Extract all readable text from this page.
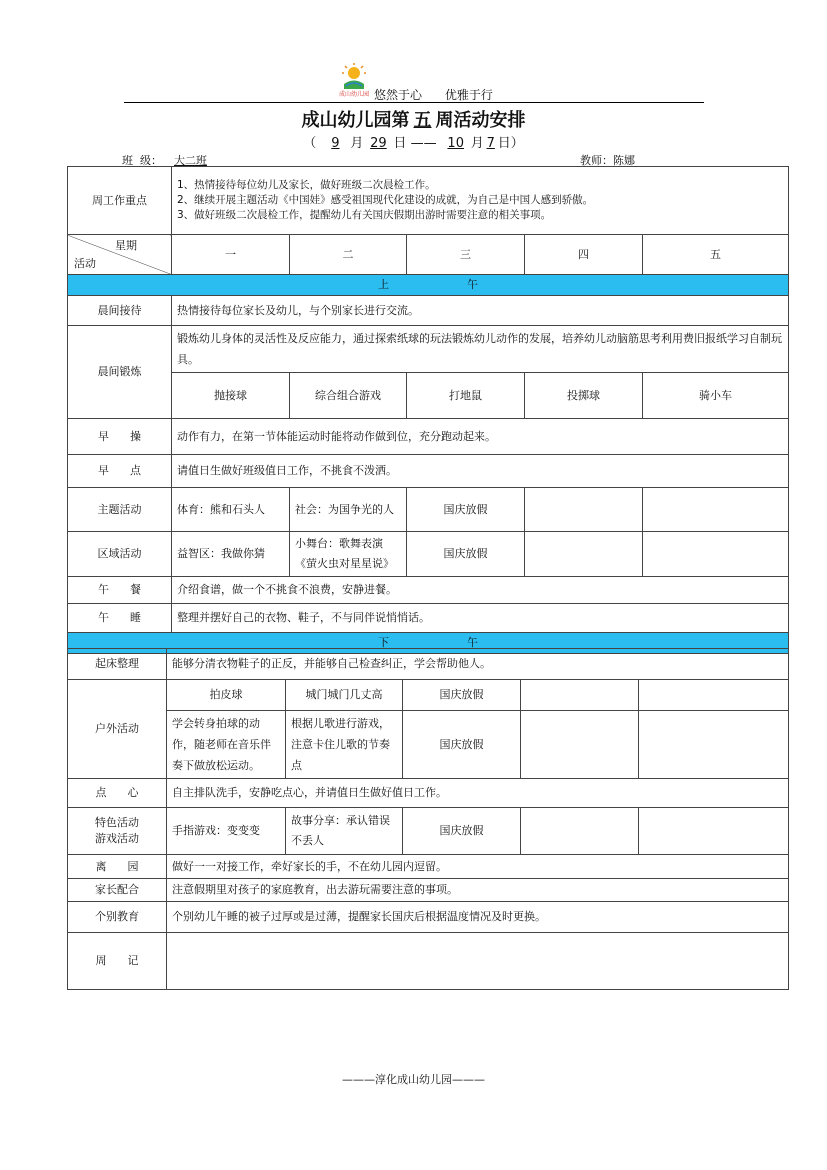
成山幼儿园 悠然于心      优雅于行
成山幼儿园第 五 周活动安排
（ 9 月 29 日 —— 10 月 7 日）
班  级： 大二班	教师：陈娜
周工作重点	1、热情接待每位幼儿及家长，做好班级二次晨检工作。
2、继续开展主题活动《中国娃》感受祖国现代化建设的成就，为自己是中国人感到骄傲。
3、做好班级二次晨检工作，提醒幼儿有关国庆假期出游时需要注意的相关事项。				

星期
活动	一	二	三	四	五
上 午					
晨间接待	热情接待每位家长及幼儿，与个别家长进行交流。				
晨间锻炼	锻炼幼儿身体的灵活性及反应能力，通过探索纸球的玩法锻炼幼儿动作的发展，培养幼儿动脑筋思考利用费旧报纸学习自制玩具。				
	抛接球	综合组合游戏	打地鼠	投掷球	骑小车
早      操	动作有力，在第一节体能运动时能将动作做到位，充分跑动起来。				
早      点	请值日生做好班级值日工作，不挑食不泼洒。				
主题活动	体育：熊和石头人	社会：为国争光的人	国庆放假		
区域活动	益智区：我做你猜	小舞台：歌舞表演《萤火虫对星星说》	国庆放假		
午      餐	介绍食谱，做一个不挑食不浪费，安静进餐。				
午      睡	整理并摆好自己的衣物、鞋子，不与同伴说悄悄话。				
下 午					
起床整理	能够分清衣物鞋子的正反，并能够自己检查纠正，学会帮助他人。				
户外活动	拍皮球	城门城门几丈高	国庆放假		
	学会转身拍球的动作，随老师在音乐伴奏下做放松运动。	根据儿歌进行游戏，注意卡住儿歌的节奏点	国庆放假		
点      心	自主排队洗手，安静吃点心，并请值日生做好值日工作。				

特色活动
游戏活动	手指游戏：变变变	故事分享：承认错误不丢人	国庆放假		
离      园	做好一一对接工作，牵好家长的手，不在幼儿园内逗留。				
家长配合	注意假期里对孩子的家庭教育，出去游玩需要注意的事项。				
个别教育	个别幼儿午睡的被子过厚或是过薄，提醒家长国庆后根据温度情况及时更换。				
周      记					
———淳化成山幼儿园———
